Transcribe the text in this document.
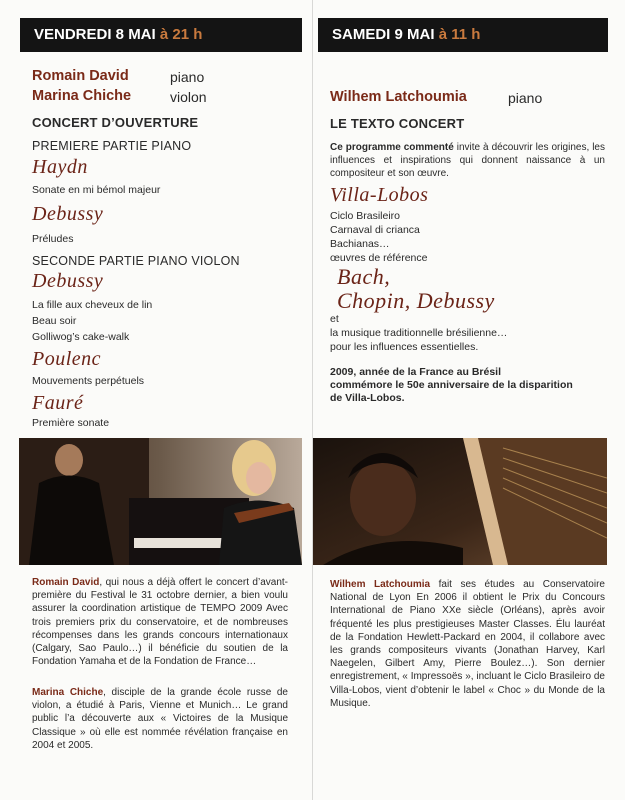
VENDREDI 8 MAI à 21 h
Romain David	piano
Marina Chiche	violon
CONCERT D’OUVERTURE
PREMIERE PARTIE PIANO
Haydn
Sonate en mi bémol majeur
Debussy
Préludes
SECONDE PARTIE PIANO VIOLON
Debussy
La fille aux cheveux de lin
Beau soir
Golliwog’s cake-walk
Poulenc
Mouvements perpétuels
Fauré
Première sonate
Romain David, qui nous a déjà offert le concert d’avant-première du Festival le 31 octobre dernier, a bien voulu assurer la coordination artistique de TEMPO 2009 Avec trois premiers prix du conservatoire, et de nombreuses récompenses dans les grands concours internationaux (Calgary, Sao Paulo…) il bénéficie du soutien de la Fondation Yamaha et de la Fondation de France…
Marina Chiche, disciple de la grande école russe de violon, a étudié à Paris, Vienne et Munich… Le grand public l’a découverte aux « Victoires de la Musique Classique » où elle est nommée révélation française en 2004 et 2005.
SAMEDI 9 MAI à 11 h
Wilhem Latchoumia	piano
LE TEXTO CONCERT
Ce programme commenté invite à découvrir les origines, les influences et inspirations qui donnent naissance à un compositeur et son œuvre.
Villa-Lobos
Ciclo Brasileiro
Carnaval di crianca
Bachianas…
œuvres de référence
Bach,
Chopin, Debussy
et
la musique traditionnelle brésilienne…
pour les influences essentielles.
2009, année de la France au Brésil
commémore le 50e anniversaire de la disparition
de Villa-Lobos.
Wilhem Latchoumia fait ses études au Conservatoire National de Lyon En 2006 il obtient le Prix du Concours International de Piano XXe siècle (Orléans), après avoir fréquenté les plus prestigieuses Master Classes. Élu lauréat de la Fondation Hewlett-Packard en 2004, il collabore avec les grands compositeurs vivants (Jonathan Harvey, Karl Naegelen, Gilbert Amy, Pierre Boulez…). Son dernier enregistrement, « Impressoës », incluant le Ciclo Brasileiro de Villa-Lobos, vient d’obtenir le label « Choc » du Monde de la Musique.
